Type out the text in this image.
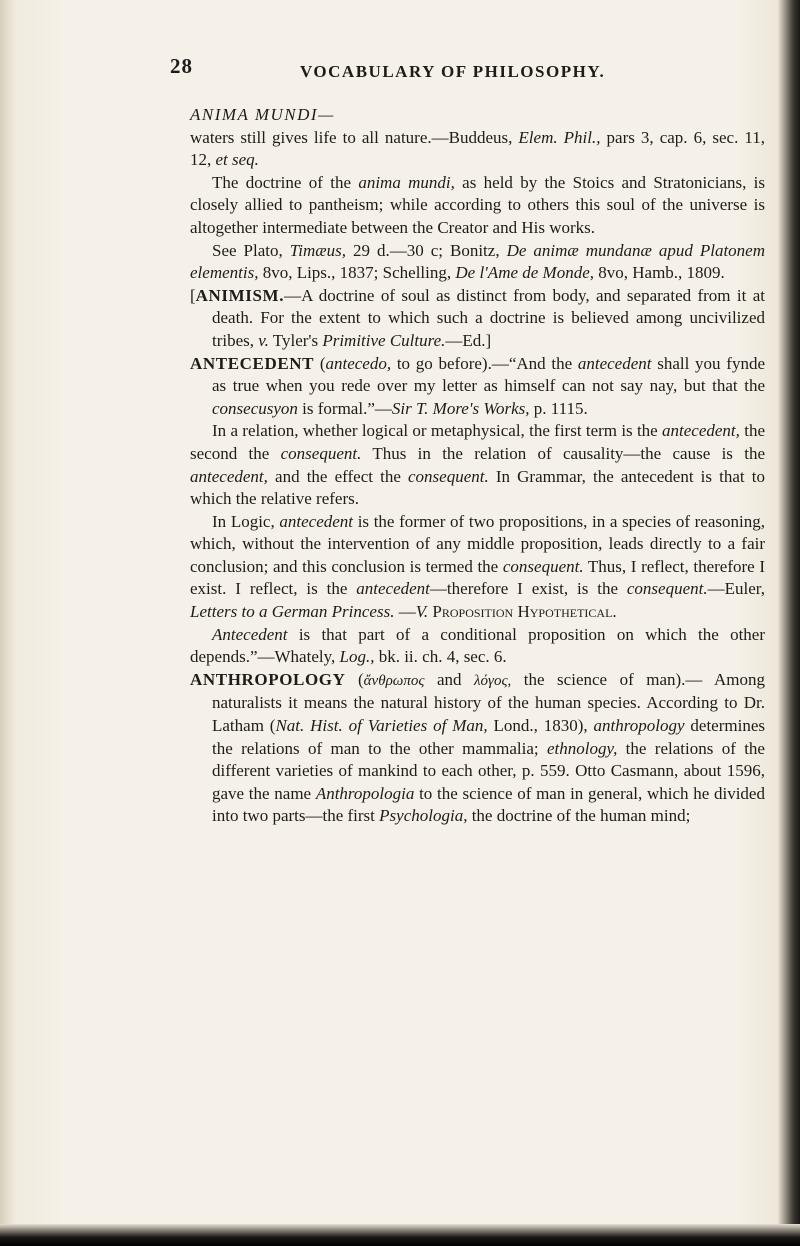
28	VOCABULARY OF PHILOSOPHY.

ANIMA MUNDI—

waters still gives life to all nature.—Buddeus, Elem. Phil., pars 3, cap. 6, sec. 11, 12, et seq.

The doctrine of the anima mundi, as held by the Stoics and Stratonicians, is closely allied to pantheism; while according to others this soul of the universe is altogether intermediate between the Creator and His works.

See Plato, Timæus, 29 d.—30 c; Bonitz, De animæ mundanæ apud Platonem elementis, 8vo, Lips., 1837; Schelling, De l'Ame de Monde, 8vo, Hamb., 1809.

[ANIMISM.—A doctrine of soul as distinct from body, and separated from it at death. For the extent to which such a doctrine is believed among uncivilized tribes, v. Tyler's Primitive Culture.—Ed.]

ANTECEDENT (antecedo, to go before).—“And the antecedent shall you fynde as true when you rede over my letter as himself can not say nay, but that the consecusyon is formal.”—Sir T. More's Works, p. 1115.

In a relation, whether logical or metaphysical, the first term is the antecedent, the second the consequent. Thus in the relation of causality—the cause is the antecedent, and the effect the consequent. In Grammar, the antecedent is that to which the relative refers.

In Logic, antecedent is the former of two propositions, in a species of reasoning, which, without the intervention of any middle proposition, leads directly to a fair conclusion; and this conclusion is termed the consequent. Thus, I reflect, therefore I exist. I reflect, is the antecedent—therefore I exist, is the consequent.—Euler, Letters to a German Princess. —V. Proposition Hypothetical.

Antecedent is that part of a conditional proposition on which the other depends.”—Whately, Log., bk. ii. ch. 4, sec. 6.

ANTHROPOLOGY (ἄνθρωπος and λόγος, the science of man).— Among naturalists it means the natural history of the human species. According to Dr. Latham (Nat. Hist. of Varieties of Man, Lond., 1830), anthropology determines the relations of man to the other mammalia; ethnology, the relations of the different varieties of mankind to each other, p. 559. Otto Casmann, about 1596, gave the name Anthropologia to the science of man in general, which he divided into two parts—the first Psychologia, the doctrine of the human mind;
